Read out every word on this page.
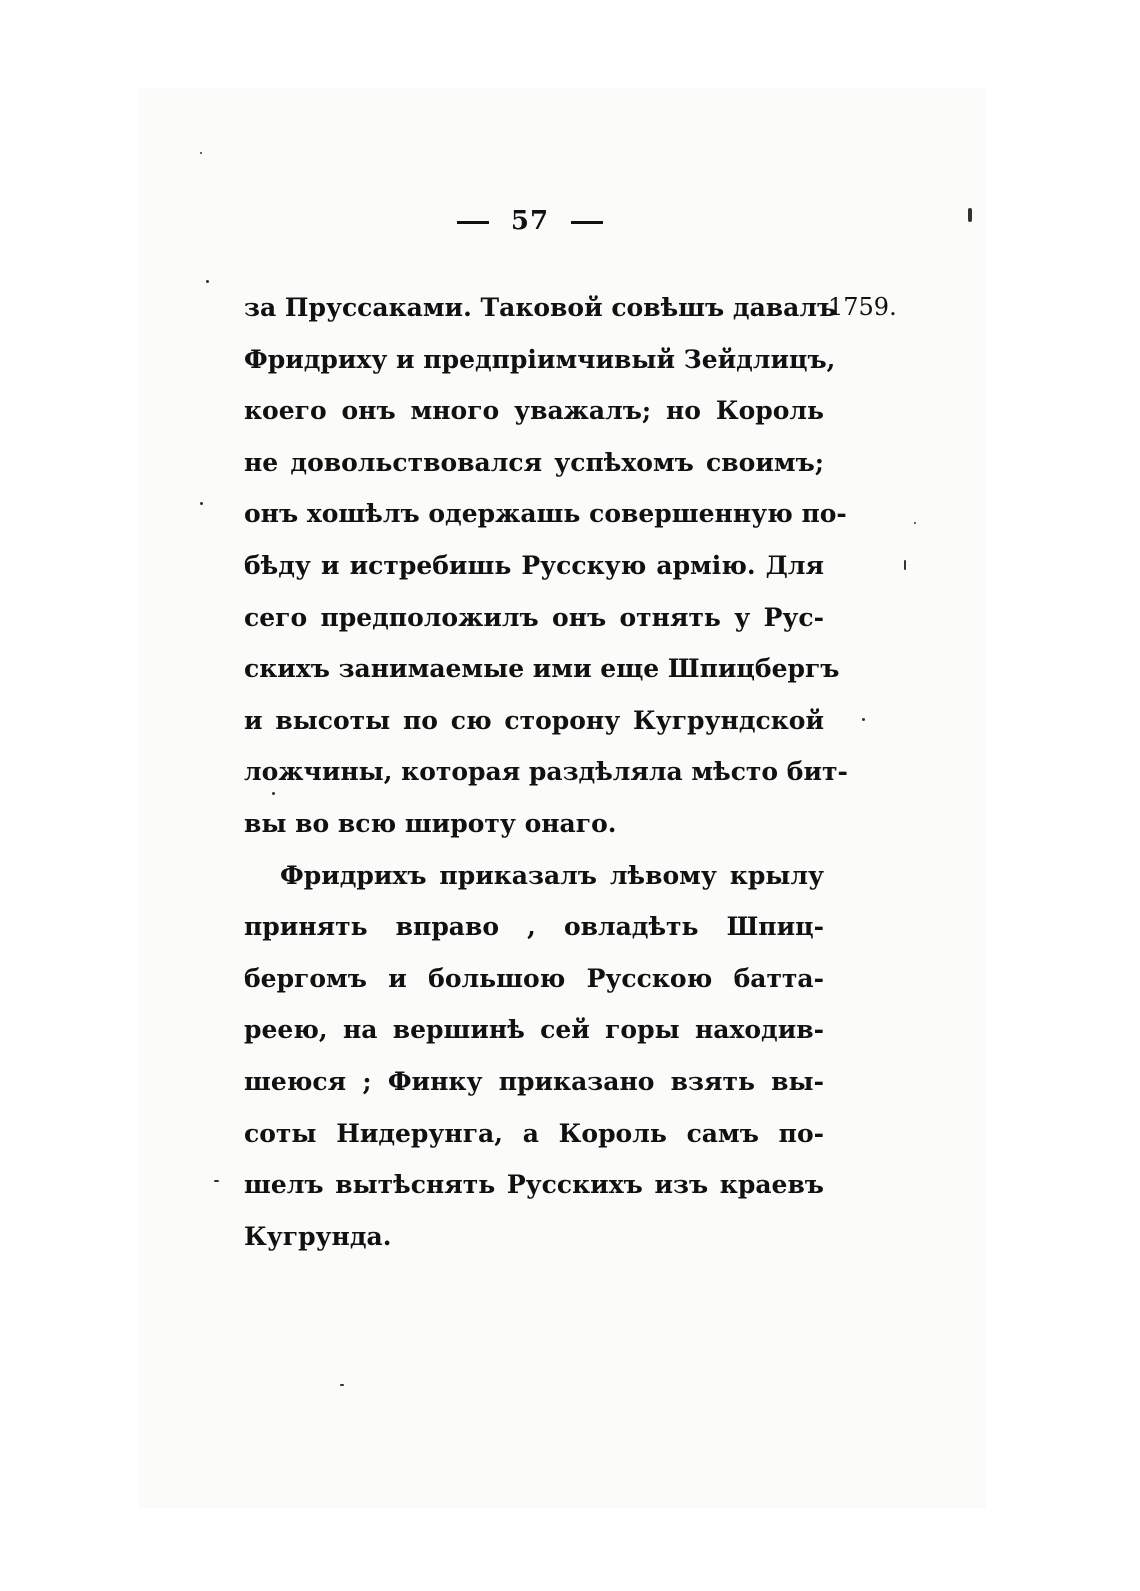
57
1759.
за Пруссаками. Таковой совѣшъ давалъ
Фридриху и предпріимчивый Зейдлицъ,
коего онъ много уважалъ; но Король
не довольствовался успѣхомъ своимъ;
онъ хошѣлъ одержашь совершенную по-
бѣду и истребишь Русскую армію. Для
сего предположилъ онъ отнять у Рус-
скихъ занимаемые ими еще Шпицбергъ
и высоты по сю сторону Кугрундской
ложчины, которая раздѣляла мѣсто бит-
вы во всю широту онаго.
Фридрихъ приказалъ лѣвому крылу
принять вправо , овладѣть Шпиц-
бергомъ и большою Русскою батта-
реею, на вершинѣ сей горы находив-
шеюся ; Финку приказано взять вы-
соты Нидерунга, а Король самъ по-
шелъ вытѣснять Русскихъ изъ краевъ
Кугрунда.
